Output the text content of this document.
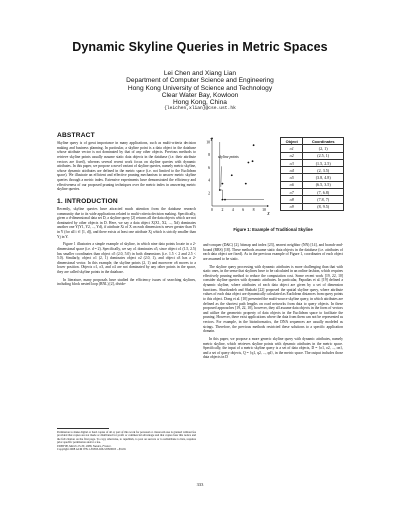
Dynamic Skyline Queries in Metric Spaces
Lei Chen and Xiang Lian
Department of Computer Science and Engineering
Hong Kong University of Science and Technology
Clear Water Bay, Kowloon
Hong Kong, China
{leichen,xlian}@cse.ust.hk
ABSTRACT

Skyline query is of great importance in many applications, such as multi-criteria decision making and business planning. In particular, a skyline point is a data object in the database whose attribute vector is not dominated by that of any other objects. Previous methods to retrieve skyline points usually assume static data objects in the database (i.e. their attribute vectors are fixed), whereas several recent work focus on skyline queries with dynamic attributes. In this paper, we propose a novel variant of skyline queries, namely metric skyline, whose dynamic attributes are defined in the metric space (i.e. not limited to the Euclidean space). We illustrate an efficient and effective pruning mechanism to answer metric skyline queries through a metric index. Extensive experiments have demonstrated the efficiency and effectiveness of our proposed pruning techniques over the metric index in answering metric skyline queries.

1. INTRODUCTION

Recently, skyline queries have attracted much attention from the database research community due to its wide applications related to multi-criteria decision making. Specifically, given a d-dimensional data set D, a skyline query [2] returns all the data objects which are not dominated by other objects in D. Here, we say a data object X(X1, X2, ..., Xd) dominates another one Y(Y1, Y2, ..., Yd), if attribute Xi of X on each dimension is never greater than Yi in Y (for all i ∈ [1, d]), and there exists at least one attribute Xj which is strictly smaller than Yj in Y.

Figure 1 illustrates a simple example of skyline, in which nine data points locate in a 2-dimensional space (i.e. d = 2). Specifically, we say o1 dominates o5, since object o1 (1.5, 2.5) has smaller coordinates than object o5 (2.0, 5.0) in both dimensions (i.e. 1.5 < 2 and 2.5 < 5.0). Similarly, object o1 (2, 1) dominates object o2 (2.0, 1), and object o3 has a 2-dimensional vector. In this example, the skyline points (2, 1) and moreover o6 moves to a lower position. Objects o1, o3, and o4 are not dominated by any other points in the space, they are called skyline points in the database.

In literature, many proposals have studied the efficiency issues of searching skylines, including block nested loop (BNL) [2], divide-

Permission to make digital or hard copies of all or part of this work for personal or classroom use is granted without fee provided that copies are not made or distributed for profit or commercial advantage and that copies bear this notice and the full citation on the first page. To copy otherwise, to republish, to post on servers or to redistribute to lists, requires prior specific permission and/or a fee.

EDBT'08, March 25-30, 2008, Nantes, France.

Copyright 2008 ACM 978-1-59593-926-5/08/0003 ...$5.00.

0 2 4 6 8 10
2
4
6
8
10
Y
X
skyline points
Object	Coordinates
o1	(2, 1)
o2	(2.5, 1)
o3	(1.5, 2.5)
o4	(2, 3.5)
o5	(3.8, 4.8)
o6	(6.5, 3.5)
o7	(7, 6.8)
o8	(7.8, 7)
o9	(8, 9.5)
Figure 1: Example of Traditional Skyline

and-conquer (D&C) [2], bitmap and index [23], nearest neighbor (NN) [14], and branch-and-bound (BBS) [18]. These methods assume static data objects in the database (i.e. attributes of each data object are fixed). As in the previous example of Figure 1, coordinates of each object are assumed to be static.

The skyline query processing with dynamic attributes is more challenging than that with static ones, in the sense that skylines have to be calculated in an online fashion, which requires effectively pruning method to reduce the computation cost. Some recent work [19, 22, 10] consider skyline queries with dynamic attributes. In particular, Papadias et al. [19] defined a dynamic skyline, where attributes of each data object are given by a set of dimension functions. Sharifzadeh and Shahabi [22] proposed the spatial skyline query, where attribute values of each data object are dynamically calculated as Euclidean distances from query points to this object. Dong et al. [10] presented the multi-source skyline query, in which attributes are defined as the shortest path lengths on road networks from data to query objects. In these proposed approaches [19, 22, 10], however, they all assume data objects in the form of vectors and utilize the geometric property of data objects in the Euclidean space to facilitate the pruning. However, there exist applications where the data from them can not be represented as vectors. For example, in the bioinformatics, the DNA sequences are usually modeled as strings. Therefore, the previous methods restricted these solutions to a specific application domain.

In this paper, we propose a more generic skyline query with dynamic attributes, namely metric skyline, which retrieves skyline points with dynamic attributes in the metric space. Specifically, the input of a metric skyline query is a set of data objects, D = {o1, o2, ..., on}, and a set of query objects, Q = {q1, q2, ..., qd}, in the metric space. The output includes those data objects in D

333
